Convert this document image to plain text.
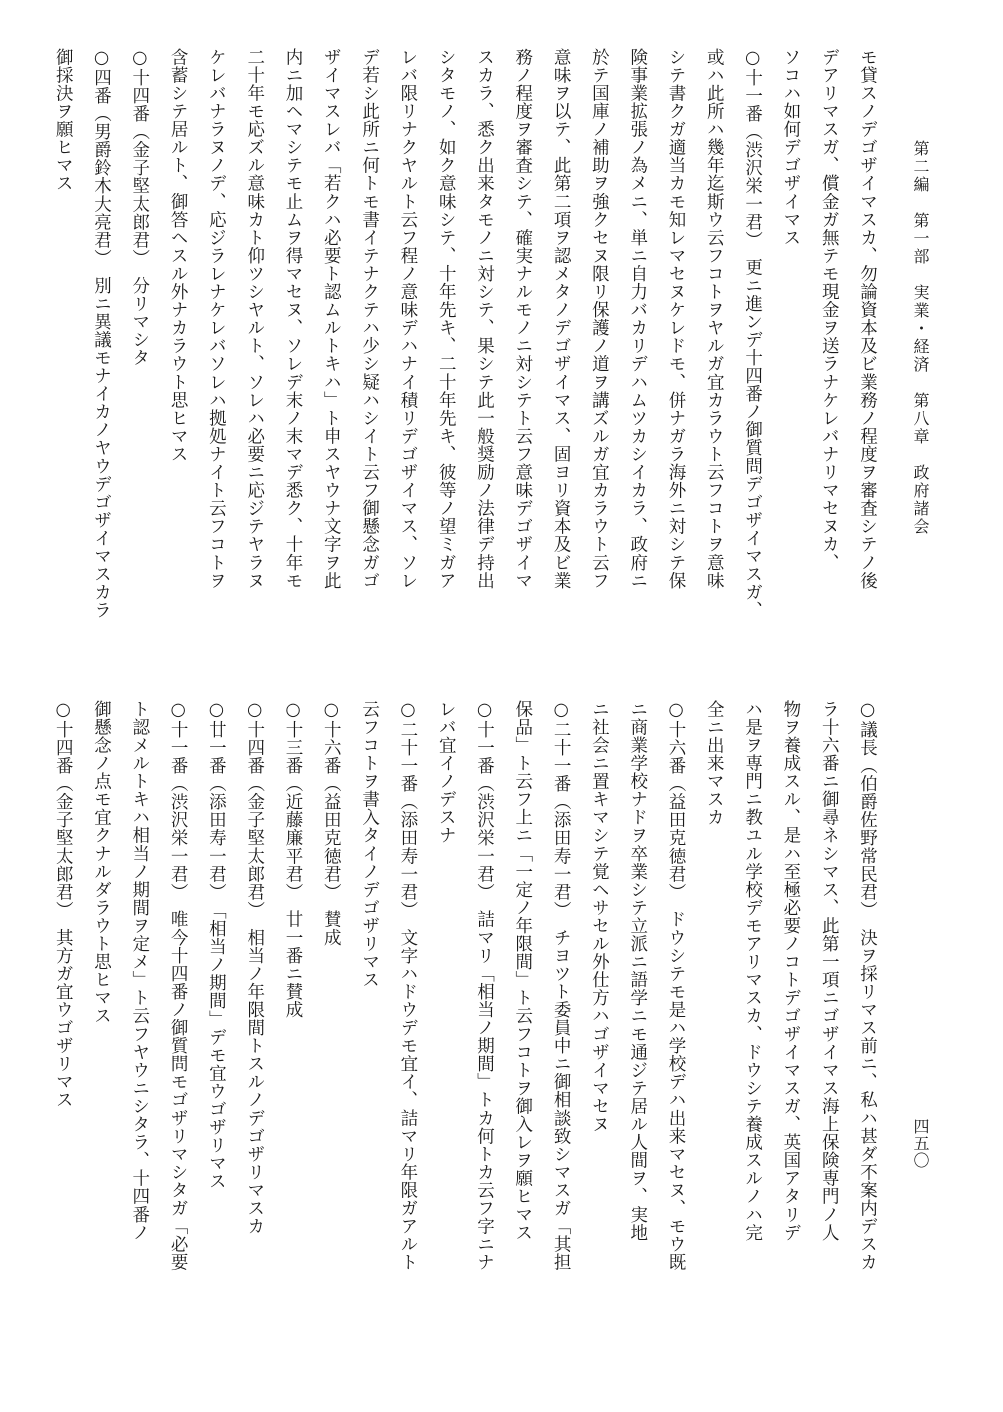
第二編　第一部　実業・経済　第八章　政府諸会
四五〇
モ貸スノデゴザイマスカ、勿論資本及ビ業務ノ程度ヲ審査シテノ後
デアリマスガ、償金ガ無テモ現金ヲ送ラナケレバナリマセヌカ、
ソコハ如何デゴザイマス
○十一番（渋沢栄一君）　更ニ進ンデ十四番ノ御質問デゴザイマスガ、
或ハ此所ハ幾年迄斯ウ云フコトヲヤルガ宜カラウト云フコトヲ意味
シテ書クガ適当カモ知レマセヌケレドモ、併ナガラ海外ニ対シテ保
険事業拡張ノ為メニ、単ニ自力バカリデハムツカシイカラ、政府ニ
於テ国庫ノ補助ヲ強クセヌ限リ保護ノ道ヲ講ズルガ宜カラウト云フ
意味ヲ以テ、此第二項ヲ認メタノデゴザイマス、固ヨリ資本及ビ業
務ノ程度ヲ審査シテ、確実ナルモノニ対シテト云フ意味デゴザイマ
スカラ、悉ク出来タモノニ対シテ、果シテ此一般奨励ノ法律デ持出
シタモノ、如ク意味シテ、十年先キ、二十年先キ、彼等ノ望ミガア
レバ限リナクヤルト云フ程ノ意味デハナイ積リデゴザイマス、ソレ
デ若シ此所ニ何トモ書イテナクテハ少シ疑ハシイト云フ御懸念ガゴ
ザイマスレバ「若クハ必要ト認ムルトキハ」ト申スヤウナ文字ヲ此
内ニ加ヘマシテモ止ムヲ得マセヌ、ソレデ末ノ末マデ悉ク、十年モ
二十年モ応ズル意味カト仰ツシヤルト、ソレハ必要ニ応ジテヤラヌ
ケレバナラヌノデ、応ジラレナケレバソレハ拠処ナイト云フコトヲ
含蓄シテ居ルト、御答ヘスル外ナカラウト思ヒマス
○十四番（金子堅太郎君）　分リマシタ
○四番（男爵鈴木大亮君）　別ニ異議モナイカノヤウデゴザイマスカラ
御採決ヲ願ヒマス
○議長（伯爵佐野常民君）　決ヲ採リマス前ニ、私ハ甚ダ不案内デスカ
ラ十六番ニ御尋ネシマス、此第一項ニゴザイマス海上保険専門ノ人
物ヲ養成スル、是ハ至極必要ノコトデゴザイマスガ、英国アタリデ
ハ是ヲ専門ニ教ユル学校デモアリマスカ、ドウシテ養成スルノハ完
全ニ出来マスカ
○十六番（益田克徳君）　ドウシテモ是ハ学校デハ出来マセヌ、モウ既
ニ商業学校ナドヲ卒業シテ立派ニ語学ニモ通ジテ居ル人間ヲ、実地
ニ社会ニ置キマシテ覚ヘサセル外仕方ハゴザイマセヌ
○二十一番（添田寿一君）　チヨツト委員中ニ御相談致シマスガ「其担
保品」ト云フ上ニ「一定ノ年限間」ト云フコトヲ御入レヲ願ヒマス
○十一番（渋沢栄一君）　詰マリ「相当ノ期間」トカ何トカ云フ字ニナ
レバ宜イノデスナ
○二十一番（添田寿一君）　文字ハドウデモ宜イ、詰マリ年限ガアルト
云フコトヲ書入タイノデゴザリマス
○十六番（益田克徳君）　賛成
○十三番（近藤廉平君）　廿一番ニ賛成
○十四番（金子堅太郎君）　相当ノ年限間トスルノデゴザリマスカ
○廿一番（添田寿一君）　「相当ノ期間」デモ宜ウゴザリマス
○十一番（渋沢栄一君）　唯今十四番ノ御質問モゴザリマシタガ「必要
ト認メルトキハ相当ノ期間ヲ定メ」ト云フヤウニシタラ、十四番ノ
御懸念ノ点モ宜クナルダラウト思ヒマス
○十四番（金子堅太郎君）　其方ガ宜ウゴザリマス
